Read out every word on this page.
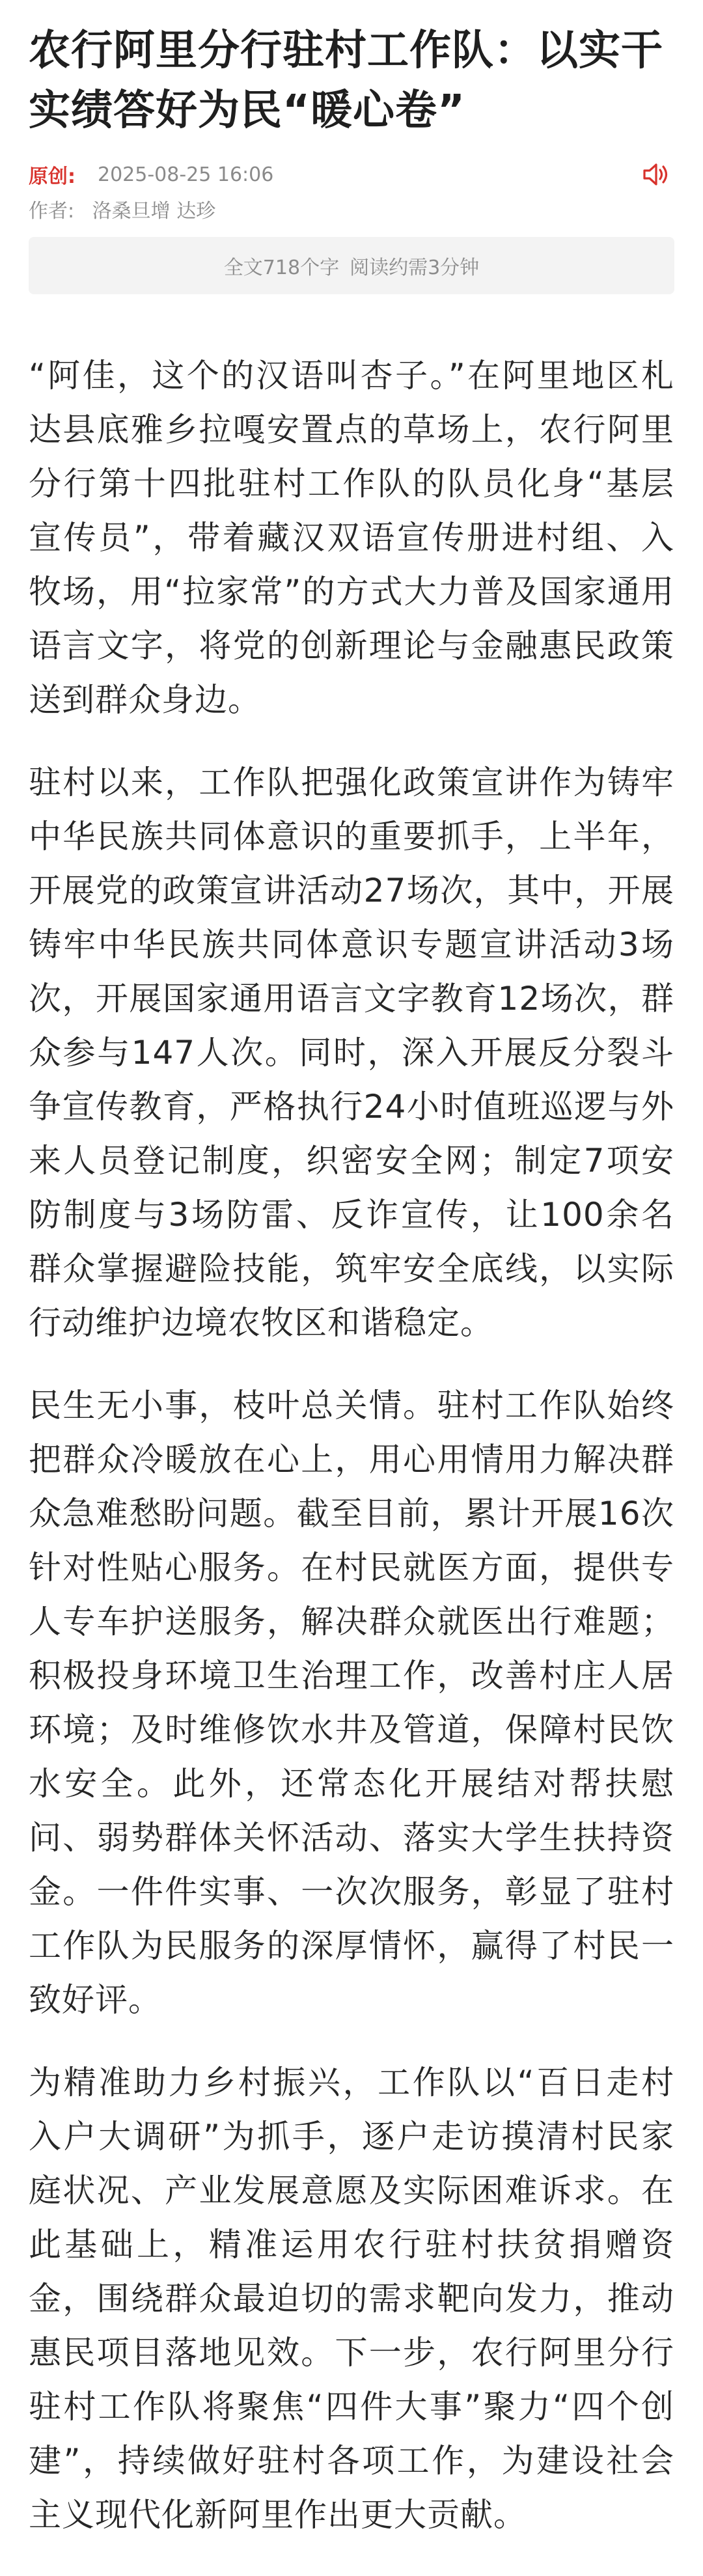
农行阿里分行驻村工作队：以实干实绩答好为民“暖心卷”
原创: 2025-08-25 16:06
作者: 洛桑旦增 达珍
全文718个字 阅读约需3分钟

“阿佳，这个的汉语叫杏子。”在阿里地区札达县底雅乡拉嘎安置点的草场上，农行阿里分行第十四批驻村工作队的队员化身“基层宣传员”，带着藏汉双语宣传册进村组、入牧场，用“拉家常”的方式大力普及国家通用语言文字，将党的创新理论与金融惠民政策送到群众身边。

驻村以来，工作队把强化政策宣讲作为铸牢中华民族共同体意识的重要抓手，上半年，开展党的政策宣讲活动27场次，其中，开展铸牢中华民族共同体意识专题宣讲活动3场次，开展国家通用语言文字教育12场次，群众参与147人次。同时，深入开展反分裂斗争宣传教育，严格执行24小时值班巡逻与外来人员登记制度，织密安全网；制定7项安防制度与3场防雷、反诈宣传，让100余名群众掌握避险技能，筑牢安全底线，以实际行动维护边境农牧区和谐稳定。

民生无小事，枝叶总关情。驻村工作队始终把群众冷暖放在心上，用心用情用力解决群众急难愁盼问题。截至目前，累计开展16次针对性贴心服务。在村民就医方面，提供专人专车护送服务，解决群众就医出行难题；积极投身环境卫生治理工作，改善村庄人居环境；及时维修饮水井及管道，保障村民饮水安全。此外，还常态化开展结对帮扶慰问、弱势群体关怀活动、落实大学生扶持资金。一件件实事、一次次服务，彰显了驻村工作队为民服务的深厚情怀，赢得了村民一致好评。

为精准助力乡村振兴，工作队以“百日走村入户大调研”为抓手，逐户走访摸清村民家庭状况、产业发展意愿及实际困难诉求。在此基础上，精准运用农行驻村扶贫捐赠资金，围绕群众最迫切的需求靶向发力，推动惠民项目落地见效。下一步，农行阿里分行驻村工作队将聚焦“四件大事”聚力“四个创建”，持续做好驻村各项工作，为建设社会主义现代化新阿里作出更大贡献。
